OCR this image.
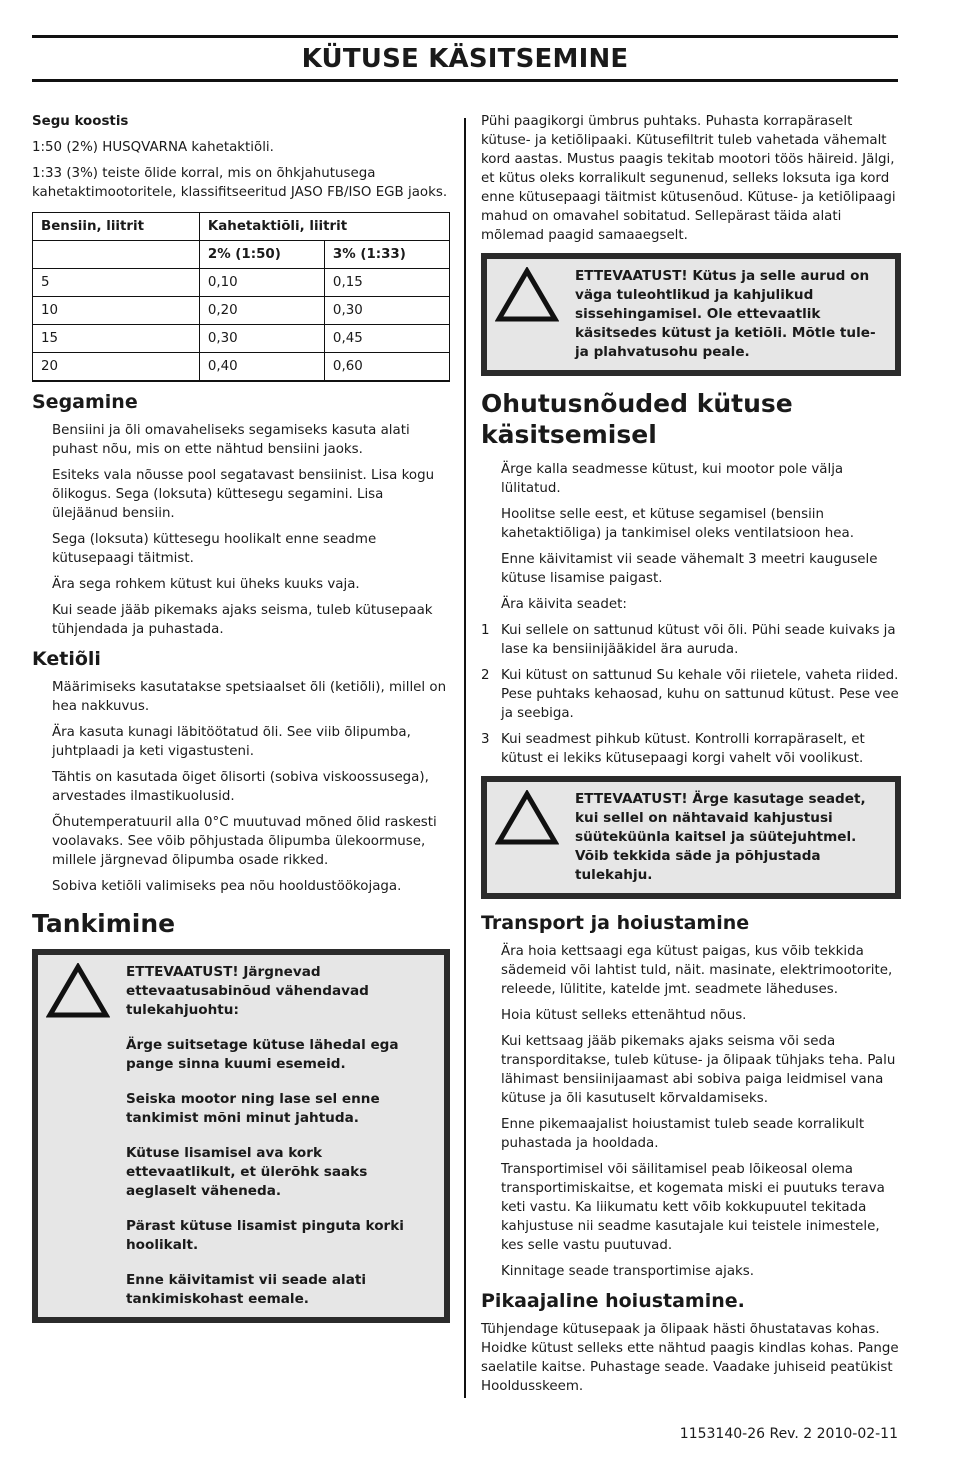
KÜTUSE KÄSITSEMINE

Segu koostis

1:50 (2%) HUSQVARNA kahetaktiõli.

1:33 (3%) teiste õlide korral, mis on õhkjahutusega kahetaktimootoritele, klassifitseeritud JASO FB/ISO EGB jaoks.

Bensiin, liitrit	Kahetaktiõli, liitrit	
	2% (1:50)	3% (1:33)
5	0,10	0,15
10	0,20	0,30
15	0,30	0,45
20	0,40	0,60
Segamine

Bensiini ja õli omavaheliseks segamiseks kasuta alati puhast nõu, mis on ette nähtud bensiini jaoks.

Esiteks vala nõusse pool segatavast bensiinist. Lisa kogu õlikogus. Sega (loksuta) küttesegu segamini. Lisa ülejäänud bensiin.

Sega (loksuta) küttesegu hoolikalt enne seadme kütusepaagi täitmist.

Ära sega rohkem kütust kui üheks kuuks vaja.

Kui seade jääb pikemaks ajaks seisma, tuleb kütusepaak tühjendada ja puhastada.

Ketiõli

Määrimiseks kasutatakse spetsiaalset õli (ketiõli), millel on hea nakkuvus.

Ära kasuta kunagi läbitöötatud õli. See viib õlipumba, juhtplaadi ja keti vigastusteni.

Tähtis on kasutada õiget õlisorti (sobiva viskoossusega), arvestades ilmastikuolusid.

Õhutemperatuuril alla 0°C muutuvad mõned õlid raskesti voolavaks. See võib põhjustada õlipumba ülekoormuse, millele järgnevad õlipumba osade rikked.

Sobiva ketiõli valimiseks pea nõu hooldustöökojaga.

Tankimine

ETTEVAATUST! Järgnevad ettevaatusabinõud vähendavad tulekahjuohtu:

Ärge suitsetage kütuse lähedal ega pange sinna kuumi esemeid.

Seiska mootor ning lase sel enne tankimist mõni minut jahtuda.

Kütuse lisamisel ava kork ettevaatlikult, et ülerõhk saaks aeglaselt väheneda.

Pärast kütuse lisamist pinguta korki hoolikalt.

Enne käivitamist vii seade alati tankimiskohast eemale.

Pühi paagikorgi ümbrus puhtaks. Puhasta korrapäraselt kütuse- ja ketiõlipaaki. Kütusefiltrit tuleb vahetada vähemalt kord aastas. Mustus paagis tekitab mootori töös häireid. Jälgi, et kütus oleks korralikult segunenud, selleks loksuta iga kord enne kütusepaagi täitmist kütusenõud. Kütuse- ja ketiõlipaagi mahud on omavahel sobitatud. Sellepärast täida alati mõlemad paagid samaaegselt.

ETTEVAATUST! Kütus ja selle aurud on väga tuleohtlikud ja kahjulikud sissehingamisel. Ole ettevaatlik käsitsedes kütust ja ketiõli. Mõtle tule- ja plahvatusohu peale.

Ohutusnõuded kütuse käsitsemisel

Ärge kalla seadmesse kütust, kui mootor pole välja lülitatud.

Hoolitse selle eest, et kütuse segamisel (bensiin kahetaktiõliga) ja tankimisel oleks ventilatsioon hea.

Enne käivitamist vii seade vähemalt 3 meetri kaugusele kütuse lisamise paigast.

Ära käivita seadet:

1 Kui sellele on sattunud kütust või õli. Pühi seade kuivaks ja lase ka bensiinijääkidel ära auruda.
2 Kui kütust on sattunud Su kehale või riietele, vaheta riided. Pese puhtaks kehaosad, kuhu on sattunud kütust. Pese vee ja seebiga.
3 Kui seadmest pihkub kütust. Kontrolli korrapäraselt, et kütust ei lekiks kütusepaagi korgi vahelt või voolikust.

ETTEVAATUST! Ärge kasutage seadet, kui sellel on nähtavaid kahjustusi süüteküünla kaitsel ja süütejuhtmel. Võib tekkida säde ja põhjustada tulekahju.

Transport ja hoiustamine

Ära hoia kettsaagi ega kütust paigas, kus võib tekkida sädemeid või lahtist tuld, näit. masinate, elektrimootorite, releede, lülitite, katelde jmt. seadmete läheduses.

Hoia kütust selleks ettenähtud nõus.

Kui kettsaag jääb pikemaks ajaks seisma või seda transporditakse, tuleb kütuse- ja õlipaak tühjaks teha. Palu lähimast bensiinijaamast abi sobiva paiga leidmisel vana kütuse ja õli kasutuselt kõrvaldamiseks.

Enne pikemaajalist hoiustamist tuleb seade korralikult puhastada ja hooldada.

Transportimisel või säilitamisel peab lõikeosal olema transportimiskaitse, et kogemata miski ei puutuks terava keti vastu. Ka liikumatu kett võib kokkupuutel tekitada kahjustuse nii seadme kasutajale kui teistele inimestele, kes selle vastu puutuvad.

Kinnitage seade transportimise ajaks.

Pikaajaline hoiustamine.

Tühjendage kütusepaak ja õlipaak hästi õhustatavas kohas. Hoidke kütust selleks ette nähtud paagis kindlas kohas. Pange saelatile kaitse. Puhastage seade. Vaadake juhiseid peatükist Hooldusskeem.

1153140-26 Rev. 2 2010-02-11
